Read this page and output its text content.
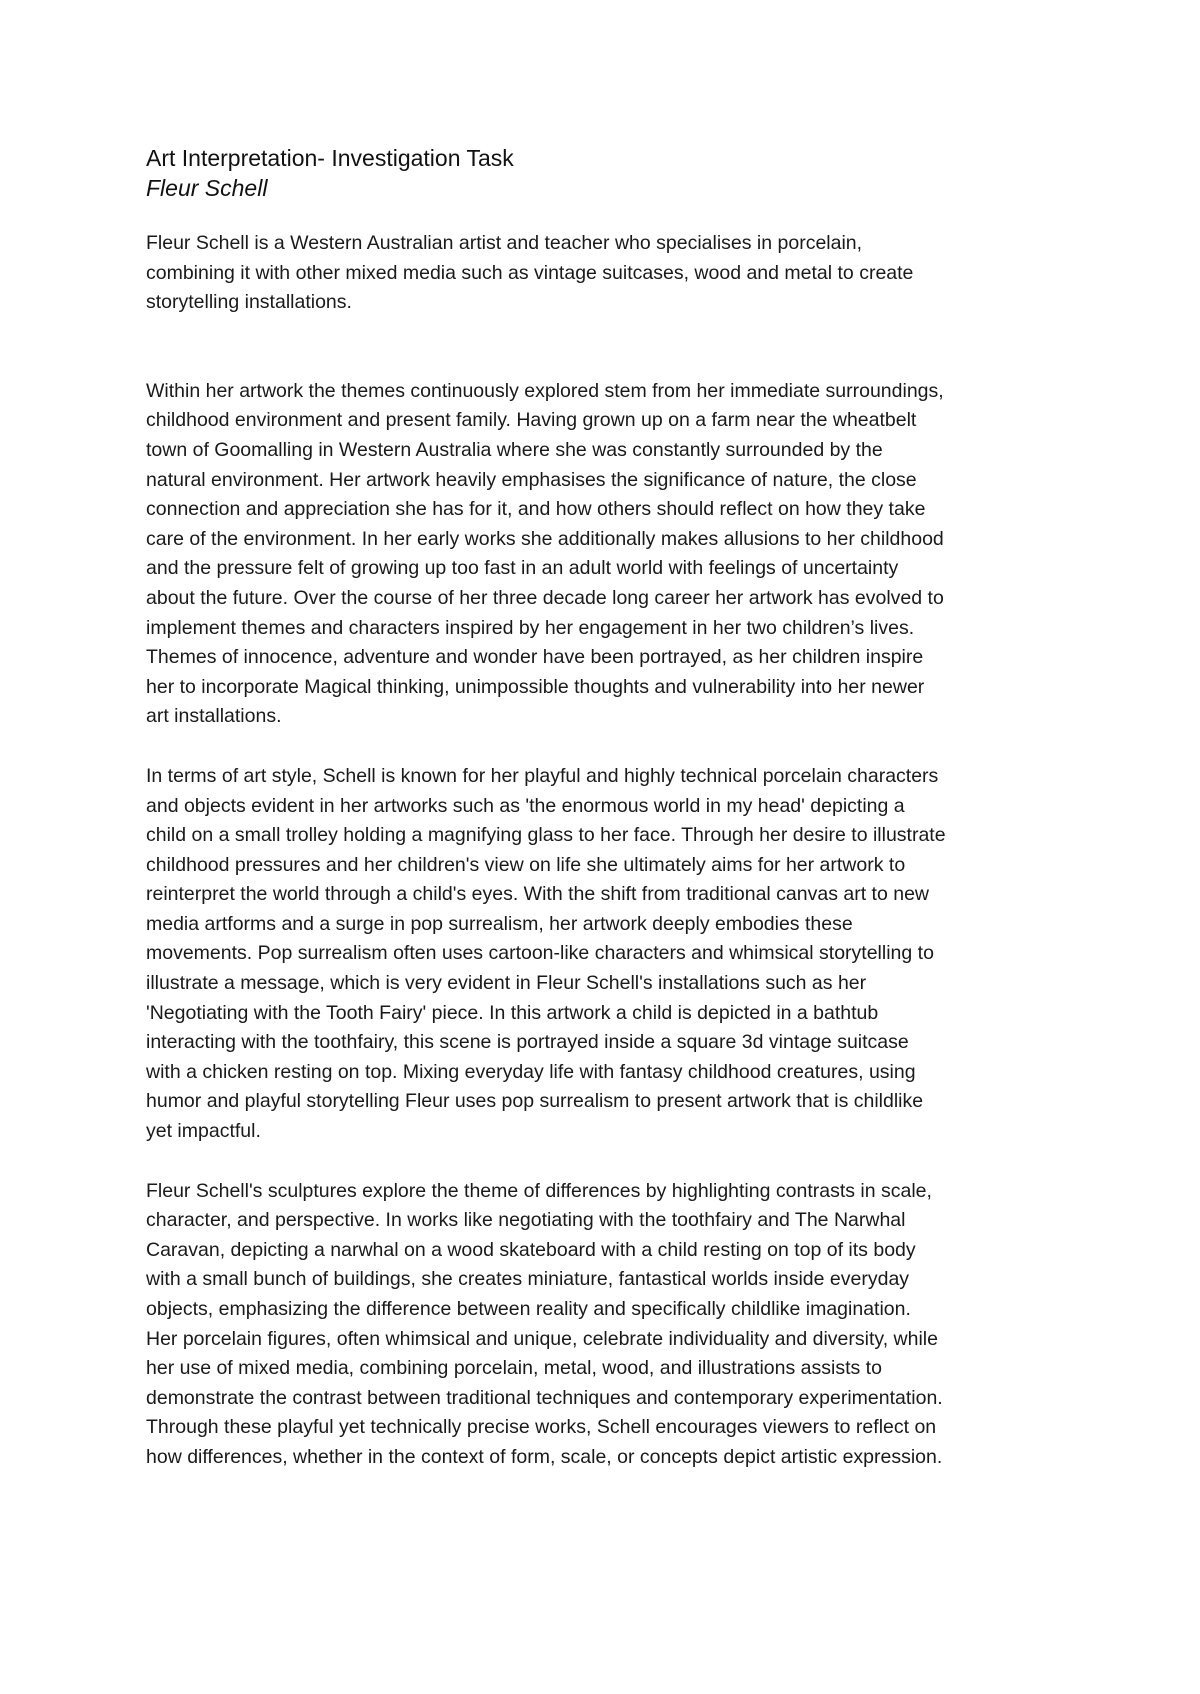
Art Interpretation- Investigation Task
Fleur Schell

Fleur Schell is a Western Australian artist and teacher who specialises in porcelain,
combining it with other mixed media such as vintage suitcases, wood and metal to create
storytelling installations.

Within her artwork the themes continuously explored stem from her immediate surroundings,
childhood environment and present family. Having grown up on a farm near the wheatbelt
town of Goomalling in Western Australia where she was constantly surrounded by the
natural environment. Her artwork heavily emphasises the significance of nature, the close
connection and appreciation she has for it, and how others should reflect on how they take
care of the environment. In her early works she additionally makes allusions to her childhood
and the pressure felt of growing up too fast in an adult world with feelings of uncertainty
about the future. Over the course of her three decade long career her artwork has evolved to
implement themes and characters inspired by her engagement in her two children’s lives.
Themes of innocence, adventure and wonder have been portrayed, as her children inspire
her to incorporate Magical thinking, unimpossible thoughts and vulnerability into her newer
art installations.

In terms of art style, Schell is known for her playful and highly technical porcelain characters
and objects evident in her artworks such as 'the enormous world in my head' depicting a
child on a small trolley holding a magnifying glass to her face. Through her desire to illustrate
childhood pressures and her children's view on life she ultimately aims for her artwork to
reinterpret the world through a child's eyes. With the shift from traditional canvas art to new
media artforms and a surge in pop surrealism, her artwork deeply embodies these
movements. Pop surrealism often uses cartoon-like characters and whimsical storytelling to
illustrate a message, which is very evident in Fleur Schell's installations such as her
'Negotiating with the Tooth Fairy' piece. In this artwork a child is depicted in a bathtub
interacting with the toothfairy, this scene is portrayed inside a square 3d vintage suitcase
with a chicken resting on top. Mixing everyday life with fantasy childhood creatures, using
humor and playful storytelling Fleur uses pop surrealism to present artwork that is childlike
yet impactful.

Fleur Schell's sculptures explore the theme of differences by highlighting contrasts in scale,
character, and perspective. In works like negotiating with the toothfairy and The Narwhal
Caravan, depicting a narwhal on a wood skateboard with a child resting on top of its body
with a small bunch of buildings, she creates miniature, fantastical worlds inside everyday
objects, emphasizing the difference between reality and specifically childlike imagination.
Her porcelain figures, often whimsical and unique, celebrate individuality and diversity, while
her use of mixed media, combining porcelain, metal, wood, and illustrations assists to
demonstrate the contrast between traditional techniques and contemporary experimentation.
Through these playful yet technically precise works, Schell encourages viewers to reflect on
how differences, whether in the context of form, scale, or concepts depict artistic expression.
